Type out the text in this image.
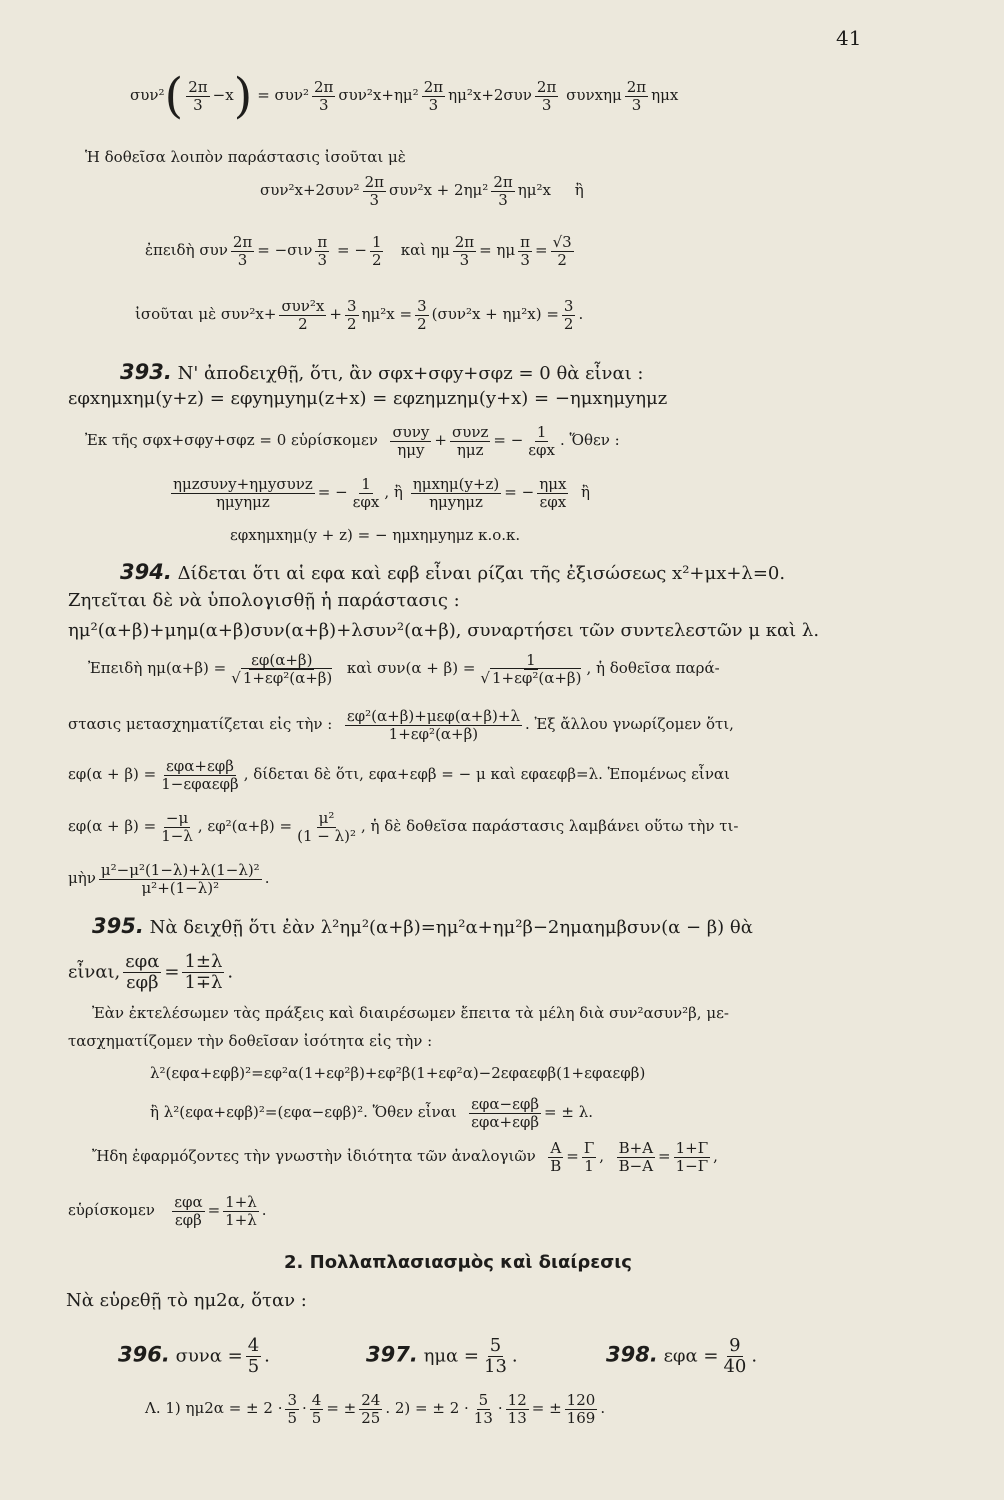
41
$\sigma\upsilon\nu^2( \frac{2\pi}{3} -x) = \sigma\upsilon\nu^2 \frac{2\pi}{3} \sigma\upsilon\nu^2x+\eta\mu^2 \frac{2\pi}{3} \eta\mu^2x+2\sigma\upsilon\nu \frac{2\pi}{3}$ συνxημ $\frac{2\pi}{3}$ ημx
Ἡ δοθεῖσα λοιπὸν παράστασις ἰσοῦται μὲ
$\sigma\upsilon\nu^2x+2\sigma\upsilon\nu^2 \frac{2\pi}{3} \sigma\upsilon\nu^2x + 2\eta\mu^2 \frac{2\pi}{3} \eta\mu^2x$ ἢ
ἐπειδὴ συν $\frac{2\pi}{3} = -\sigma\iota\nu \frac{\pi}{3}$ = − $\frac{1}{2}$ καὶ ημ $\frac{2\pi}{3} = \eta\mu \frac{\pi}{3} = \frac{√3}{2}$
ἰσοῦται μὲ $\sigma\upsilon\nu^2x+ \frac{\text{συν²x}}{2} + \frac{3}{2} \eta\mu^2x = \frac{3}{2} (\sigma\upsilon\nu^2x + \eta\mu^2x) = \frac{3}{2}$ .
393. Ν' ἀποδειχθῇ, ὅτι, ἂν σφx+σφy+σφz = 0 θὰ εἶναι :
εφxημxημ(y+z) = εφyημyημ(z+x) = εφzημzημ(y+x) = −ημxημyημz
Ἐκ τῆς σφx+σφy+σφz = 0 εὑρίσκομεν $\frac{\text{συνy}}{\text{ημy}} + \frac{\text{συνz}}{\text{ημz}}$ = − $\frac{1}{\text{εφx}}$ . Ὅθεν :
$\frac{\text{ημzσυνy+ημyσυνz}}{\text{ημyημz}}$ = − $\frac{1}{\text{εφx}}$ , ἢ $\frac{\text{ημxημ(y+z)}}{\text{ημyημz}}$ = − $\frac{\text{ημx}}{\text{εφx}}$ ἢ
εφxημxημ(y + z) = − ημxημyημz κ.ο.κ.
394. Δίδεται ὅτι αἱ εφα καὶ εφβ εἶναι ρίζαι τῆς ἐξισώσεως x²+μx+λ=0.
Ζητεῖται δὲ νὰ ὑπολογισθῇ ἡ παράστασις :
ημ²(α+β)+μημ(α+β)συν(α+β)+λσυν²(α+β), συναρτήσει τῶν συντελεστῶν μ καὶ λ.
Ἐπειδὴ $\eta\mu(\alpha+\beta) = \frac{\varepsilon\varphi(\alpha+\beta)}{\text{√ 1+εφ²(α+β)}}$ καὶ $\sigma\upsilon\nu(\alpha + \beta) = \frac{1}{\text{√ 1+εφ²(α+β)}}$ , ἡ δοθεῖσα παρά-
στασις μετασχηματίζεται εἰς τὴν : $\frac{\text{εφ²(α+β)+μεφ(α+β)+λ}}{\text{1+εφ²(α+β)}}$ . Ἐξ ἄλλου γνωρίζομεν ὅτι,
$\varepsilon\varphi(\alpha + \beta) = \frac{\text{εφα+εφβ}}{\text{1−εφαεφβ}}$ , δίδεται δὲ ὅτι, εφα+εφβ = − μ καὶ εφαεφβ=λ. Ἑπομένως εἶναι
$\varepsilon\varphi(\alpha + \beta) = \frac{-\mu}{1-\lambda}$ , $\varepsilon\varphi^2(\alpha+\beta) = \frac{\text{μ²}}{\text{(1 − λ)²}}$ , ἡ δὲ δοθεῖσα παράστασις λαμβάνει οὕτω τὴν τι-
μὴν $\frac{\text{μ²−μ²(1−λ)+λ(1−λ)²}}{\text{μ²+(1−λ)²}}$ .
395. Νὰ δειχθῇ ὅτι ἐὰν λ²ημ²(α+β)=ημ²α+ημ²β−2ημαημβσυν(α − β) θὰ
εἶναι, $\frac{\text{εφα}}{\text{εφβ}} = \frac{1\pm\lambda}{1\mp\lambda}$ .
Ἐὰν ἐκτελέσωμεν τὰς πράξεις καὶ διαιρέσωμεν ἔπειτα τὰ μέλη διὰ συν²ασυν²β, με-
τασχηματίζομεν τὴν δοθεῖσαν ἰσότητα εἰς τὴν :
λ²(εφα+εφβ)²=εφ²α(1+εφ²β)+εφ²β(1+εφ²α)−2εφαεφβ(1+εφαεφβ)
ἢ λ²(εφα+εφβ)²=(εφα−εφβ)². Ὅθεν εἶναι $\frac{\text{εφα−εφβ}}{\text{εφα+εφβ}}$ = ± λ.
Ἤδη ἐφαρμόζοντες τὴν γνωστὴν ἰδιότητα τῶν ἀναλογιῶν $\frac{A}{B} = \frac{\Gamma}{1}$ , $\frac{B+A}{B-A} = \frac{1+\Gamma}{1-\Gamma}$ ,
εὑρίσκομεν $\frac{\text{εφα}}{\text{εφβ}} = \frac{1+\lambda}{1+\lambda}$ .
2. Πολλαπλασιασμὸς καὶ διαίρεσις
Νὰ εὑρεθῇ τὸ ημ2α, ὅταν :
396. $\sigma\upsilon\nu\alpha = \frac{4}{5}$ .	397. $\eta\mu\alpha = \frac{5}{13}$ .	398. $\varepsilon\varphi\alpha = \frac{9}{40}$ .
Λ. 1) ημ2α = ± $2 \cdot \frac{3}{5} \cdot \frac{4}{5}$ = ± $\frac{24}{25}$ . 2) = ± $2 \cdot \frac{5}{13} \cdot \frac{12}{13}$ = ± $\frac{120}{169}$ .
